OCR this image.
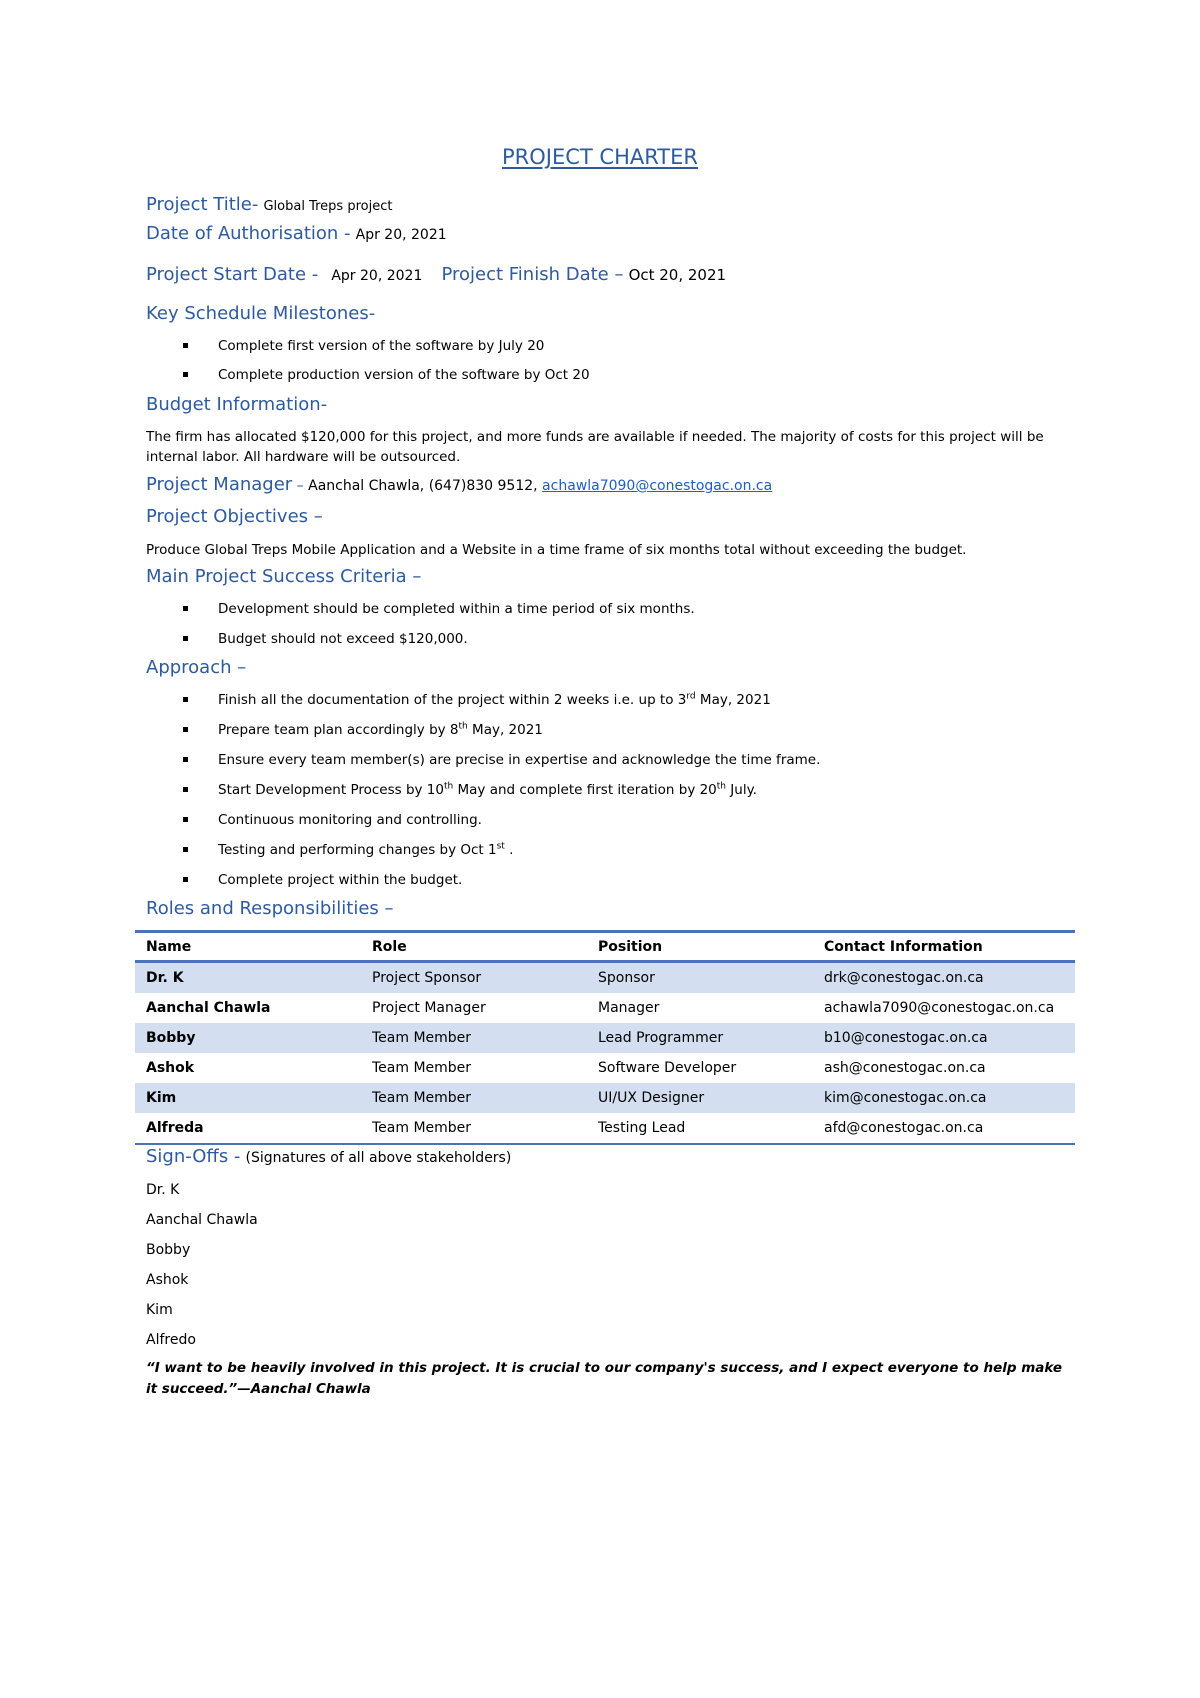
PROJECT CHARTER
Project Title- Global Treps project
Date of Authorisation - Apr 20, 2021
Project Start Date - Apr 20, 2021 Project Finish Date – Oct 20, 2021
Key Schedule Milestones-
Complete first version of the software by July 20
Complete production version of the software by Oct 20
Budget Information-
The firm has allocated $120,000 for this project, and more funds are available if needed. The majority of costs for this project will be internal labor. All hardware will be outsourced.
Project Manager – Aanchal Chawla, (647)830 9512, achawla7090@conestogac.on.ca
Project Objectives –
Produce Global Treps Mobile Application and a Website in a time frame of six months total without exceeding the budget.
Main Project Success Criteria –
Development should be completed within a time period of six months.
Budget should not exceed $120,000.
Approach –
Finish all the documentation of the project within 2 weeks i.e. up to 3rd May, 2021
Prepare team plan accordingly by 8th May, 2021
Ensure every team member(s) are precise in expertise and acknowledge the time frame.
Start Development Process by 10th May and complete first iteration by 20th July.
Continuous monitoring and controlling.
Testing and performing changes by Oct 1st .
Complete project within the budget.
Roles and Responsibilities –
Name	Role	Position	Contact Information
Dr. K	Project Sponsor	Sponsor	drk@conestogac.on.ca
Aanchal Chawla	Project Manager	Manager	achawla7090@conestogac.on.ca
Bobby	Team Member	Lead Programmer	b10@conestogac.on.ca
Ashok	Team Member	Software Developer	ash@conestogac.on.ca
Kim	Team Member	UI/UX Designer	kim@conestogac.on.ca
Alfreda	Team Member	Testing Lead	afd@conestogac.on.ca
Sign-Offs - (Signatures of all above stakeholders)
Dr. K
Aanchal Chawla
Bobby
Ashok
Kim
Alfredo
“I want to be heavily involved in this project. It is crucial to our company's success, and I expect everyone to help make it succeed.”—Aanchal Chawla
